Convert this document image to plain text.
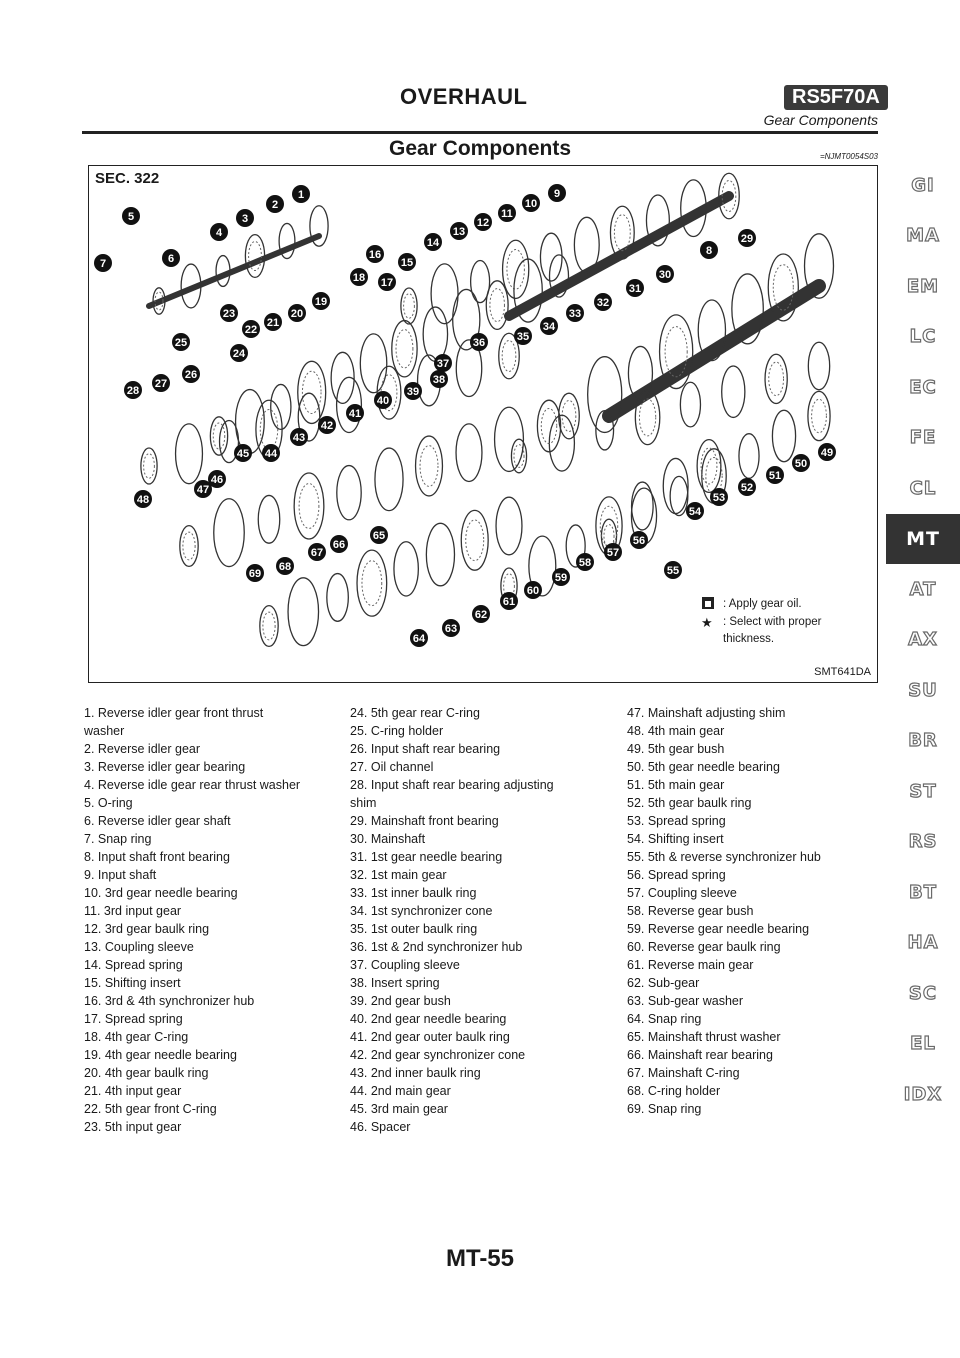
OVERHAUL	RS5F70A
Gear Components
Gear Components	=NJMT0054S03
1
2
3
4
5
6
7
8
9
10
11
12
13
14
15
16
17
18
19
20
21
22
23
24
25
26
27
28
29
30
31
32
33
34
35
36
37
38
39
40
41
42
43
44
45
46
47
48
49
50
51
52
53
54
55
56
57
58
59
60
61
62
63
64
65
66
67
68
69
SEC. 322
: Apply gear oil.
★ : Select with proper thickness.
SMT641DA
1. Reverse idler gear front thrust washer
2. Reverse idler gear
3. Reverse idler gear bearing
4. Reverse idle gear rear thrust washer
5. O-ring
6. Reverse idler gear shaft
7. Snap ring
8. Input shaft front bearing
9. Input shaft
10. 3rd gear needle bearing
11. 3rd input gear
12. 3rd gear baulk ring
13. Coupling sleeve
14. Spread spring
15. Shifting insert
16. 3rd & 4th synchronizer hub
17. Spread spring
18. 4th gear C-ring
19. 4th gear needle bearing
20. 4th gear baulk ring
21. 4th input gear
22. 5th gear front C-ring
23. 5th input gear
24. 5th gear rear C-ring
25. C-ring holder
26. Input shaft rear bearing
27. Oil channel
28. Input shaft rear bearing adjusting shim
29. Mainshaft front bearing
30. Mainshaft
31. 1st gear needle bearing
32. 1st main gear
33. 1st inner baulk ring
34. 1st synchronizer cone
35. 1st outer baulk ring
36. 1st & 2nd synchronizer hub
37. Coupling sleeve
38. Insert spring
39. 2nd gear bush
40. 2nd gear needle bearing
41. 2nd gear outer baulk ring
42. 2nd gear synchronizer cone
43. 2nd inner baulk ring
44. 2nd main gear
45. 3rd main gear
46. Spacer
47. Mainshaft adjusting shim
48. 4th main gear
49. 5th gear bush
50. 5th gear needle bearing
51. 5th main gear
52. 5th gear baulk ring
53. Spread spring
54. Shifting insert
55. 5th & reverse synchronizer hub
56. Spread spring
57. Coupling sleeve
58. Reverse gear bush
59. Reverse gear needle bearing
60. Reverse gear baulk ring
61. Reverse main gear
62. Sub-gear
63. Sub-gear washer
64. Snap ring
65. Mainshaft thrust washer
66. Mainshaft rear bearing
67. Mainshaft C-ring
68. C-ring holder
69. Snap ring
GI
MA
EM
LC
EC
FE
CL
MT
AT
AX
SU
BR
ST
RS
BT
HA
SC
EL
IDX
MT-55
